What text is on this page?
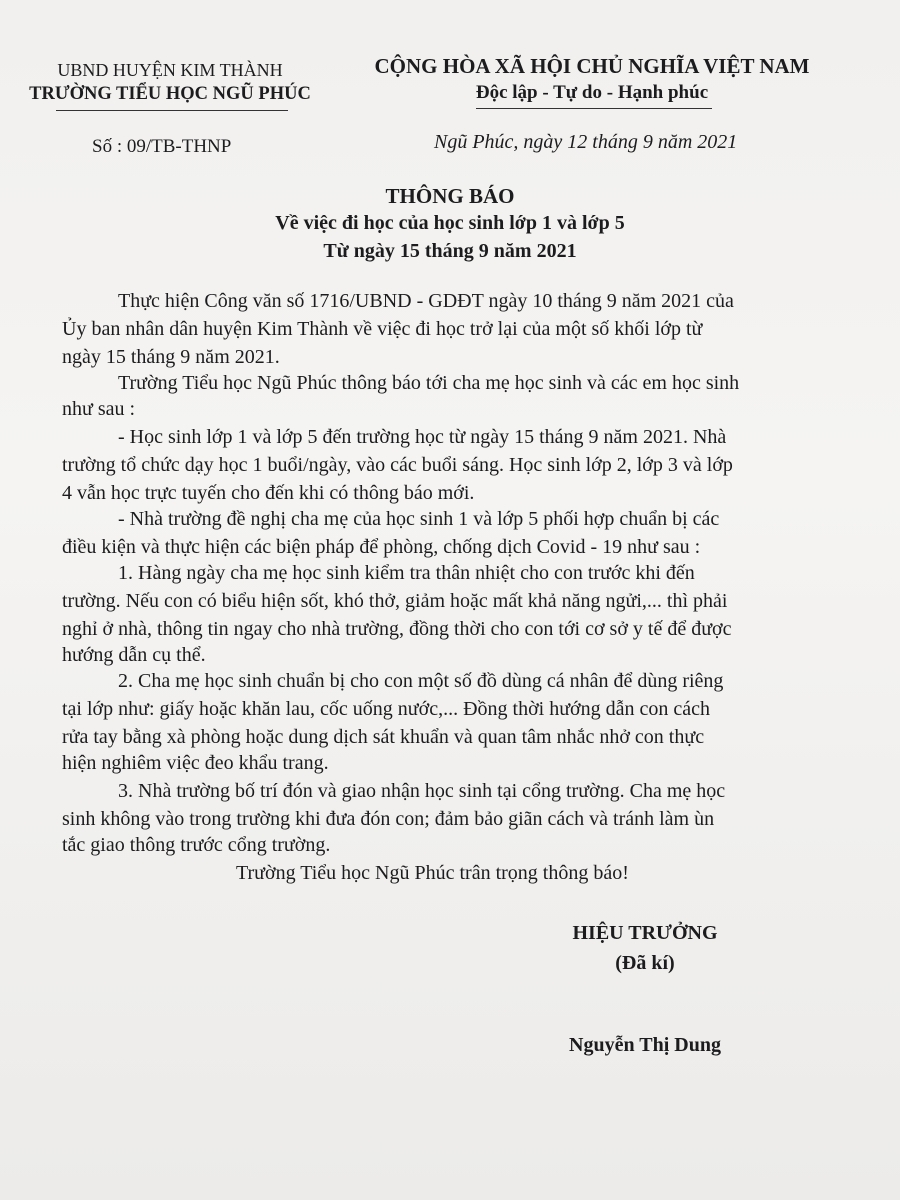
UBND HUYỆN KIM THÀNH
TRƯỜNG TIỂU HỌC NGŨ PHÚC
CỘNG HÒA XÃ HỘI CHỦ NGHĨA VIỆT NAM
Độc lập - Tự do - Hạnh phúc
Số : 09/TB-THNP	Ngũ Phúc, ngày 12 tháng 9 năm 2021
THÔNG BÁO
Về việc đi học của học sinh lớp 1 và lớp 5
Từ ngày 15 tháng 9 năm 2021
Thực hiện Công văn số 1716/UBND - GDĐT ngày 10 tháng 9 năm 2021 của
Ủy ban nhân dân huyện Kim Thành về việc đi học trở lại của một số khối lớp từ
ngày 15 tháng 9 năm 2021.
Trường Tiểu học Ngũ Phúc thông báo tới cha mẹ học sinh và các em học sinh
như sau :
- Học sinh lớp 1 và lớp 5 đến trường học từ ngày 15 tháng 9 năm 2021. Nhà
trường tổ chức dạy học 1 buổi/ngày, vào các buổi sáng. Học sinh lớp 2, lớp 3 và lớp
4 vẫn học trực tuyến cho đến khi có thông báo mới.
- Nhà trường đề nghị cha mẹ của học sinh 1 và lớp 5 phối hợp chuẩn bị các
điều kiện và thực hiện các biện pháp để phòng, chống dịch Covid - 19 như sau :
1. Hàng ngày cha mẹ học sinh kiểm tra thân nhiệt cho con trước khi đến
trường. Nếu con có biểu hiện sốt, khó thở, giảm hoặc mất khả năng ngửi,... thì phải
nghỉ ở nhà, thông tin ngay cho nhà trường, đồng thời cho con tới cơ sở y tế để được
hướng dẫn cụ thể.
2. Cha mẹ học sinh chuẩn bị cho con một số đồ dùng cá nhân để dùng riêng
tại lớp như: giấy hoặc khăn lau, cốc uống nước,... Đồng thời hướng dẫn con cách
rửa tay bằng xà phòng hoặc dung dịch sát khuẩn và quan tâm nhắc nhở con thực
hiện nghiêm việc đeo khẩu trang.
3. Nhà trường bố trí đón và giao nhận học sinh tại cổng trường. Cha mẹ học
sinh không vào trong trường khi đưa đón con; đảm bảo giãn cách và tránh làm ùn
tắc giao thông trước cổng trường.
Trường Tiểu học Ngũ Phúc trân trọng thông báo!
HIỆU TRƯỞNG
(Đã kí)
Nguyễn Thị Dung
